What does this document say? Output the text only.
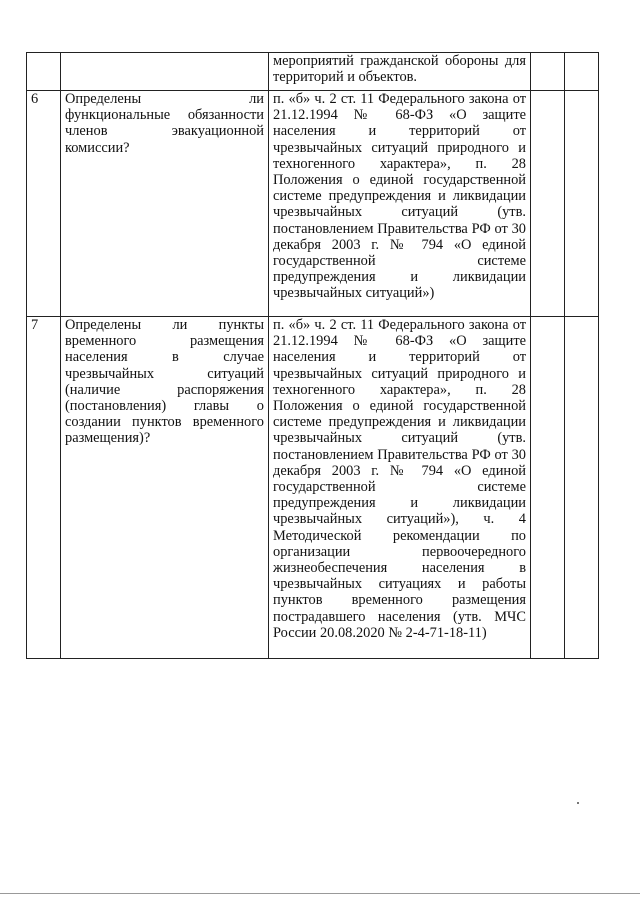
		мероприятий гражданской обороны для территорий и объектов.		
6	Определены ли функциональные обязанности членов эвакуационной комиссии?	п. «б» ч. 2 ст. 11 Федерального закона от 21.12.1994 № 68-ФЗ «О защите населения и территорий от чрезвычайных ситуаций природного и техногенного характера», п. 28 Положения о единой государственной системе предупреждения и ликвидации чрезвычайных ситуаций (утв. постановлением Правительства РФ от 30 декабря 2003 г. № 794 «О единой государственной системе предупреждения и ликвидации чрезвычайных ситуаций»)		
7	Определены ли пункты временного размещения населения в случае чрезвычайных ситуаций (наличие распоряжения (постановления) главы о создании пунктов временного размещения)?	п. «б» ч. 2 ст. 11 Федерального закона от 21.12.1994 № 68-ФЗ «О защите населения и территорий от чрезвычайных ситуаций природного и техногенного характера», п. 28 Положения о единой государственной системе предупреждения и ликвидации чрезвычайных ситуаций (утв. постановлением Правительства РФ от 30 декабря 2003 г. № 794 «О единой государственной системе предупреждения и ликвидации чрезвычайных ситуаций»), ч. 4 Методической рекомендации по организации первоочередного жизнеобеспечения населения в чрезвычайных ситуациях и работы пунктов временного размещения пострадавшего населения (утв. МЧС России 20.08.2020 № 2-4-71-18-11)		
